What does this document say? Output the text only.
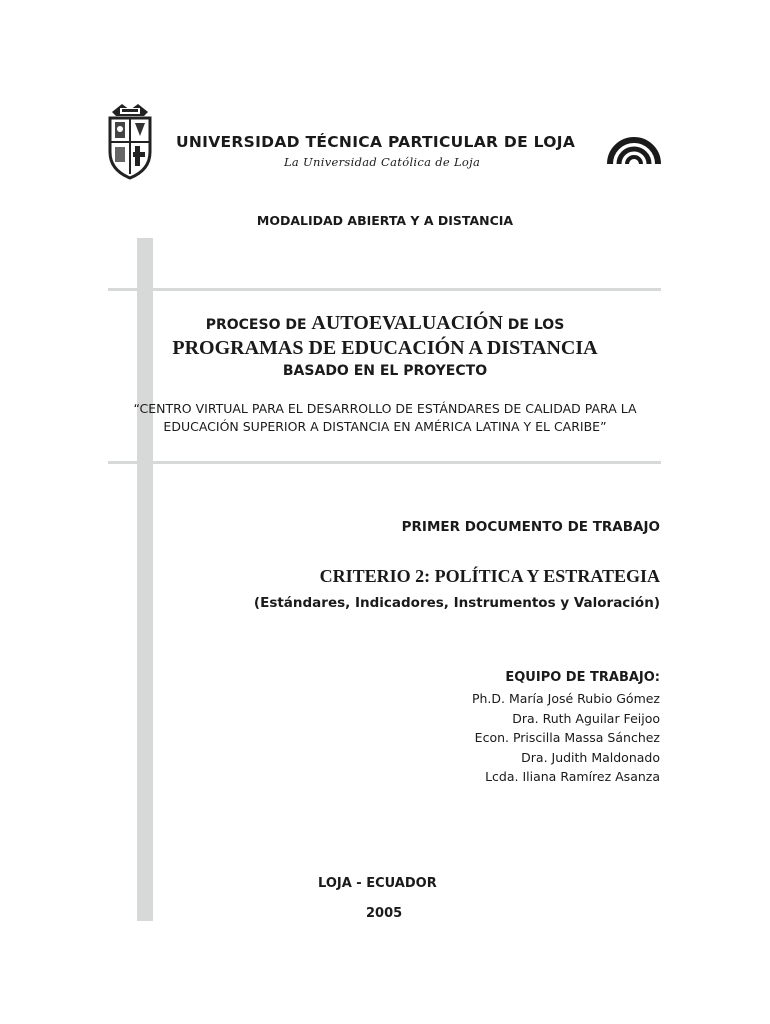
UNIVERSIDAD TÉCNICA PARTICULAR DE LOJA
La Universidad Católica de Loja
MODALIDAD ABIERTA Y A DISTANCIA
PROCESO DE AUTOEVALUACIÓN DE LOS
PROGRAMAS DE EDUCACIÓN A DISTANCIA
BASADO EN EL PROYECTO
“CENTRO VIRTUAL PARA EL DESARROLLO DE ESTÁNDARES DE CALIDAD PARA LA
EDUCACIÓN SUPERIOR A DISTANCIA EN AMÉRICA LATINA Y EL CARIBE”
PRIMER DOCUMENTO DE TRABAJO
CRITERIO 2: POLÍTICA Y ESTRATEGIA
(Estándares, Indicadores, Instrumentos y Valoración)
EQUIPO DE TRABAJO:
Ph.D. María José Rubio Gómez
Dra. Ruth Aguilar Feijoo
Econ. Priscilla Massa Sánchez
Dra. Judith Maldonado
Lcda. Iliana Ramírez Asanza
LOJA - ECUADOR
2005
